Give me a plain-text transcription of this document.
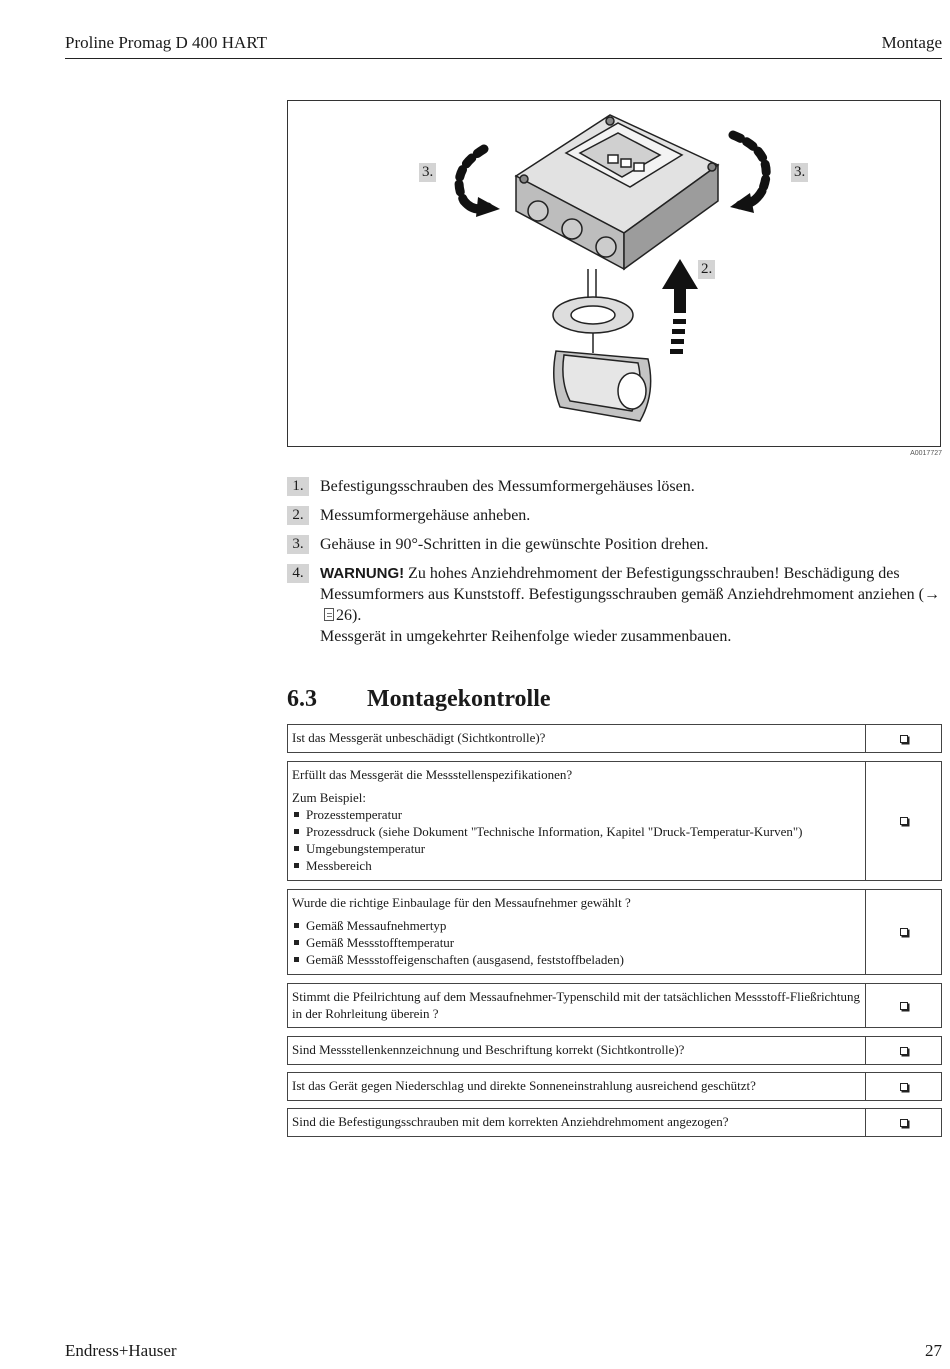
Proline Promag D 400 HART	Montage
3.	3.
2.
A0017727
1.	Befestigungsschrauben des Messumformergehäuses lösen.
2.	Messumformergehäuse anheben.
3.	Gehäuse in 90°-Schritten in die gewünschte Position drehen.
4.	WARNUNG! Zu hohes Anziehdrehmoment der Befestigungsschrauben! Beschädigung des Messumformers aus Kunststoff. Befestigungsschrauben gemäß Anziehdrehmoment anziehen (→26).
Messgerät in umgekehrter Reihenfolge wieder zusammenbauen.
6.3 Montagekontrolle

Ist das Messgerät unbeschädigt (Sichtkontrolle)?

Erfüllt das Messgerät die Messstellenspezifikationen?

Zum Beispiel:

Prozesstemperatur
Prozessdruck (siehe Dokument "Technische Information, Kapitel "Druck-Temperatur-Kurven")
Umgebungstemperatur
Messbereich

Wurde die richtige Einbaulage für den Messaufnehmer gewählt ?

Gemäß Messaufnehmertyp
Gemäß Messstofftemperatur
Gemäß Messstoffeigenschaften (ausgasend, feststoffbeladen)

Stimmt die Pfeilrichtung auf dem Messaufnehmer-Typenschild mit der tatsächlichen Messstoff-Fließrichtung in der Rohrleitung überein ?

Sind Messstellenkennzeichnung und Beschriftung korrekt (Sichtkontrolle)?

Ist das Gerät gegen Niederschlag und direkte Sonneneinstrahlung ausreichend geschützt?

Sind die Befestigungsschrauben mit dem korrekten Anziehdrehmoment angezogen?

Endress+Hauser	27
